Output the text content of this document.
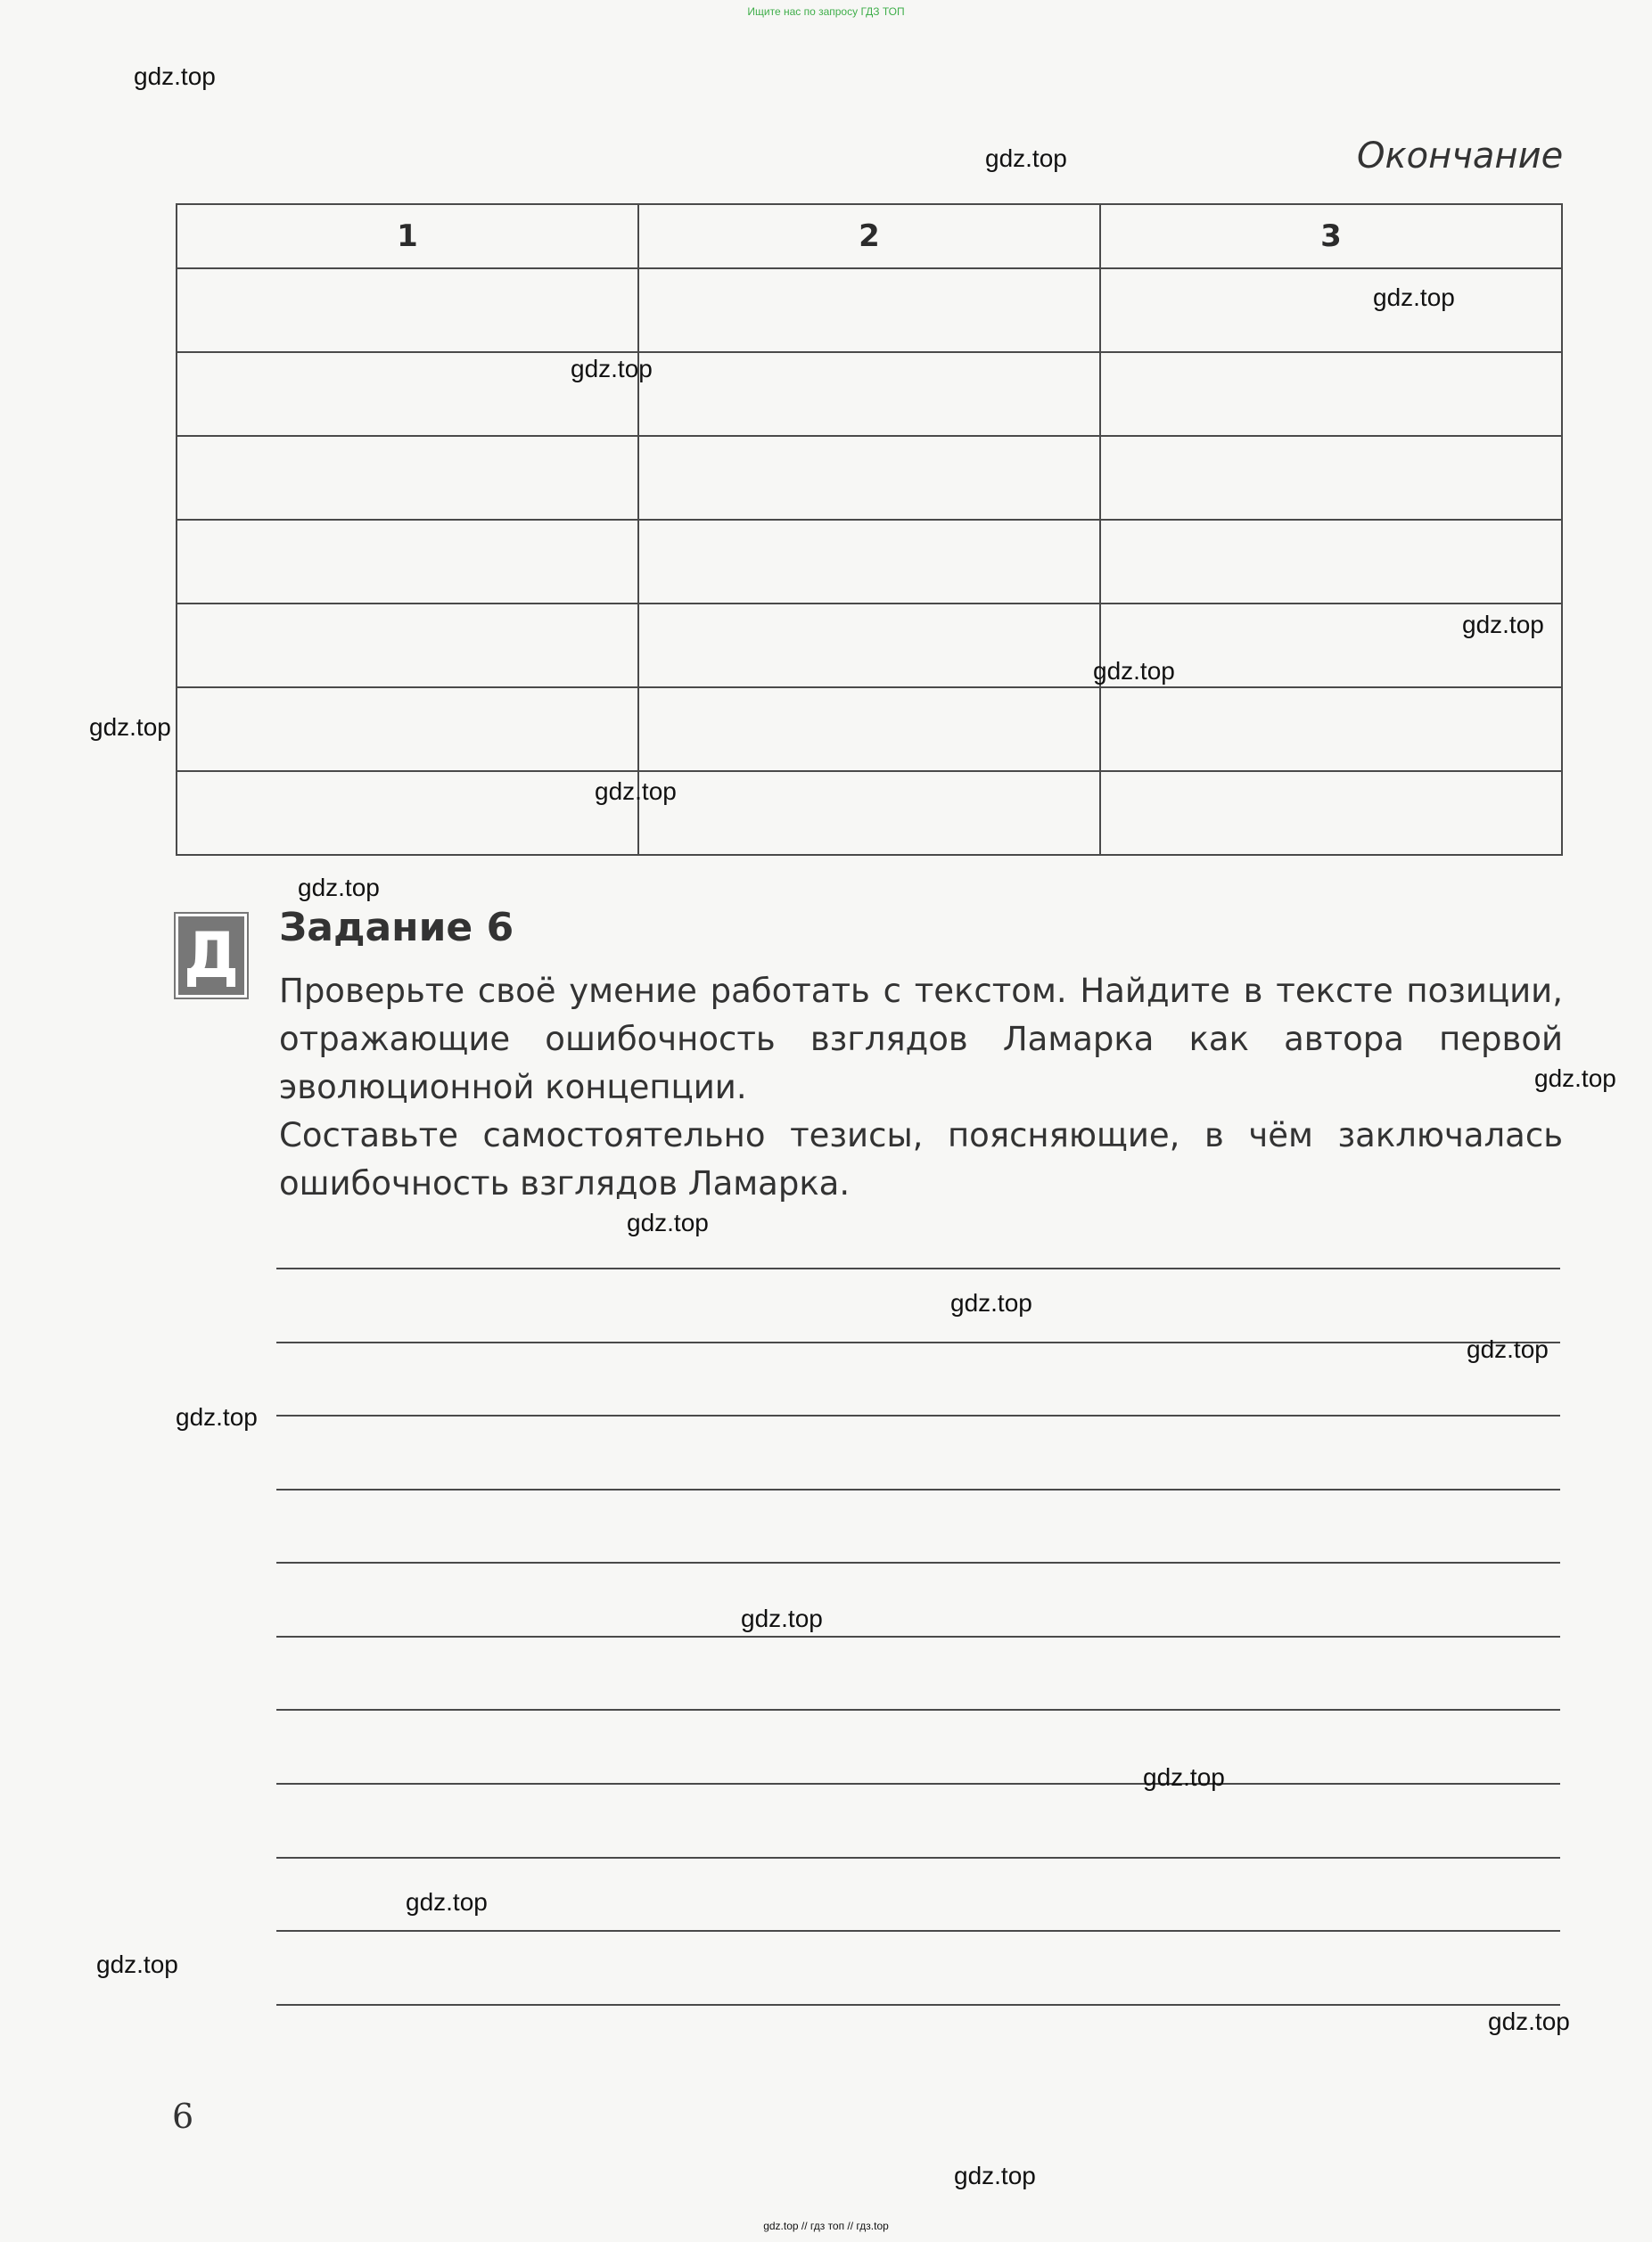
Ищите нас по запросу ГДЗ ТОП
Окончание
1	2	3

Д Задание 6
Проверьте своё умение работать с текстом. Найдите в тексте позиции, отражающие ошибочность взглядов Ламарка как автора первой эволюционной концепции.
Составьте самостоятельно тезисы, поясняющие, в чём заключалась ошибочность взглядов Ламарка.
gdz.top
gdz.top
gdz.top
gdz.top
gdz.top
gdz.top
gdz.top
gdz.top
gdz.top
gdz.top
gdz.top
gdz.top
gdz.top
gdz.top
gdz.top
gdz.top
gdz.top
gdz.top
gdz.top
gdz.top
6
gdz.top // гдз топ // гдз.top
